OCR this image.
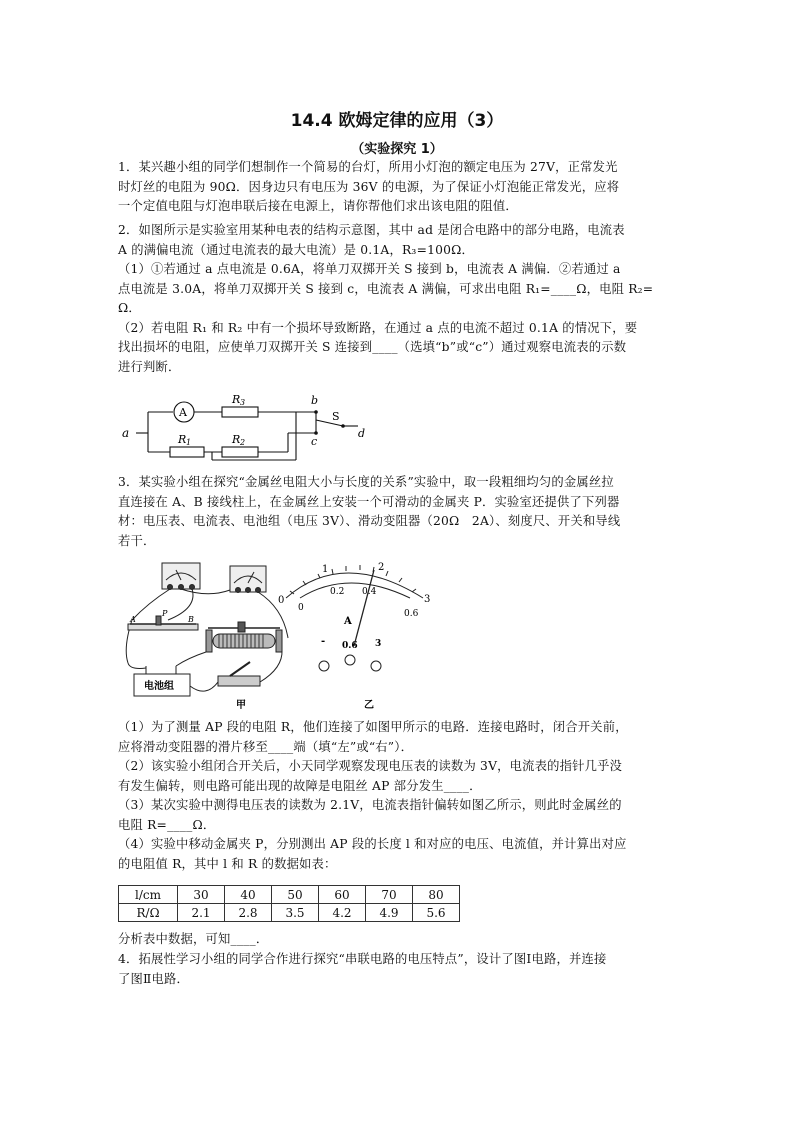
14.4 欧姆定律的应用（3）
（实验探究 1）
1．某兴趣小组的同学们想制作一个简易的台灯，所用小灯泡的额定电压为 27V，正常发光
时灯丝的电阻为 90Ω．因身边只有电压为 36V 的电源，为了保证小灯泡能正常发光，应将
一个定值电阻与灯泡串联后接在电源上，请你帮他们求出该电阻的阻值．
2．如图所示是实验室用某种电表的结构示意图，其中 ad 是闭合电路中的部分电路，电流表
A 的满偏电流（通过电流表的最大电流）是 0.1A，R₃=100Ω．
（1）①若通过 a 点电流是 0.6A，将单刀双掷开关 S 接到 b，电流表 A 满偏．②若通过 a
点电流是 3.0A，将单刀双掷开关 S 接到 c，电流表 A 满偏，可求出电阻 R₁=____Ω，电阻 R₂=
Ω．
（2）若电阻 R₁ 和 R₂ 中有一个损坏导致断路，在通过 a 点的电流不超过 0.1A 的情况下，要
找出损坏的电阻，应使单刀双掷开关 S 连接到____（选填“b”或“c”）通过观察电流表的示数
进行判断．
a
A
R 3
R 1	R 2
b
S
c
d
3．某实验小组在探究“金属丝电阻大小与长度的关系”实验中，取一段粗细均匀的金属丝拉
直连接在 A、B 接线柱上，在金属丝上安装一个可滑动的金属夹 P．实验室还提供了下列器
材：电压表、电流表、电池组（电压 3V）、滑动变阻器（20Ω　2A）、刻度尺、开关和导线
若干．
0
1	2
3
0
0.2 0.4
0.6
A
- 0.6 3
A
P
B
电池组
甲	乙
（1）为了测量 AP 段的电阻 R，他们连接了如图甲所示的电路．连接电路时，闭合开关前，
应将滑动变阻器的滑片移至____端（填“左”或“右”）．
（2）该实验小组闭合开关后，小天同学观察发现电压表的读数为 3V，电流表的指针几乎没
有发生偏转，则电路可能出现的故障是电阻丝 AP 部分发生____．
（3）某次实验中测得电压表的读数为 2.1V，电流表指针偏转如图乙所示，则此时金属丝的
电阻 R=____Ω．
（4）实验中移动金属夹 P，分别测出 AP 段的长度 l 和对应的电压、电流值，并计算出对应
的电阻值 R，其中 l 和 R 的数据如表：
l/cm	30	40	50	60	70	80
R/Ω	2.1	2.8	3.5	4.2	4.9	5.6
分析表中数据，可知____．
4．拓展性学习小组的同学合作进行探究“串联电路的电压特点”，设计了图Ⅰ电路，并连接
了图Ⅱ电路．
